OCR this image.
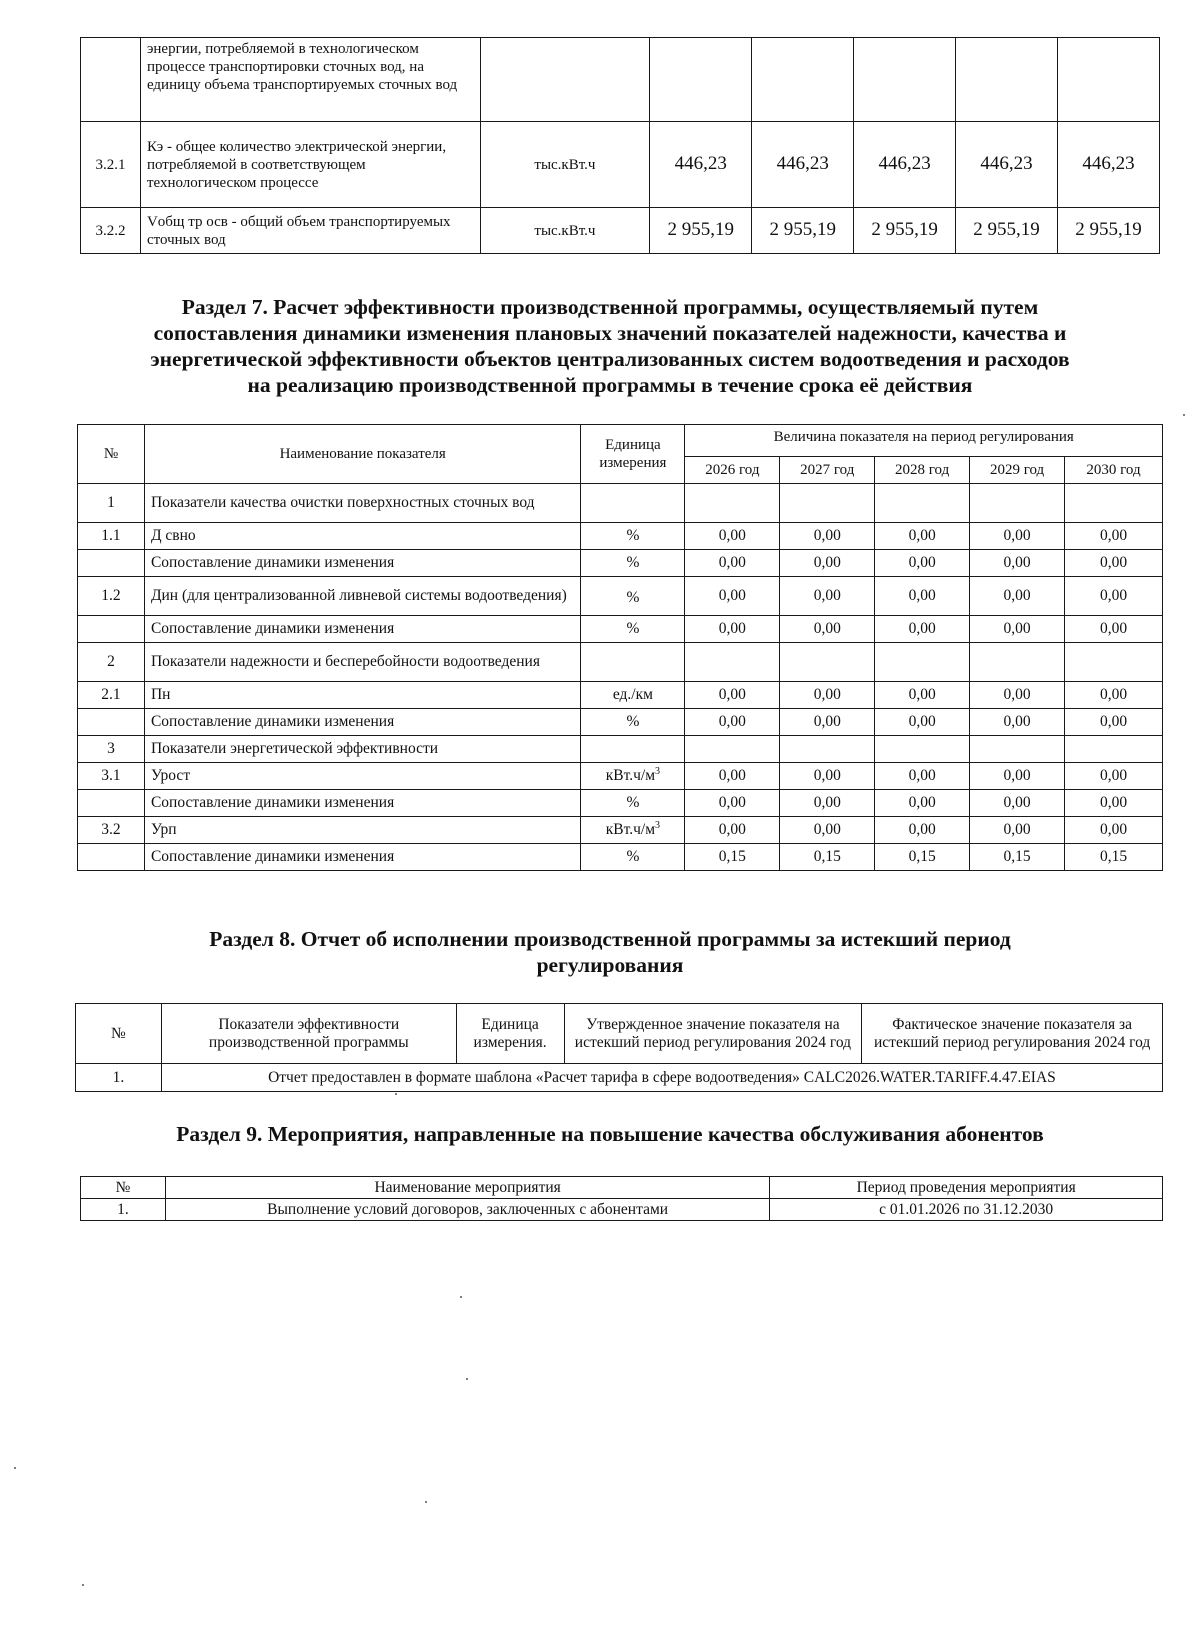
	энергии, потребляемой в технологическом процессе транспортировки сточных вод, на единицу объема транспортируемых сточных вод						
3.2.1	Кэ - общее количество электрической энергии, потребляемой в соответствующем технологическом процессе	тыс.кВт.ч	446,23	446,23	446,23	446,23	446,23
3.2.2	Vобщ тр осв - общий объем транспортируемых сточных вод	тыс.кВт.ч	2 955,19	2 955,19	2 955,19	2 955,19	2 955,19
Раздел 7. Расчет эффективности производственной программы, осуществляемый путем
сопоставления динамики изменения плановых значений показателей надежности, качества и
энергетической эффективности объектов централизованных систем водоотведения и расходов
на реализацию производственной программы в течение срока её действия
№	Наименование показателя	Единица измерения	Величина показателя на период регулирования				
			2026 год	2027 год	2028 год	2029 год	2030 год
1	Показатели качества очистки поверхностных сточных вод						
1.1	Д свно	%	0,00	0,00	0,00	0,00	0,00
	Сопоставление динамики изменения	%	0,00	0,00	0,00	0,00	0,00
1.2	Дин (для централизованной ливневой системы водоотведения)	%	0,00	0,00	0,00	0,00	0,00
	Сопоставление динамики изменения	%	0,00	0,00	0,00	0,00	0,00
2	Показатели надежности и бесперебойности водоотведения						
2.1	Пн	ед./км	0,00	0,00	0,00	0,00	0,00
	Сопоставление динамики изменения	%	0,00	0,00	0,00	0,00	0,00
3	Показатели энергетической эффективности						
3.1	Урост	$кВт.ч/м^3$	0,00	0,00	0,00	0,00	0,00
	Сопоставление динамики изменения	%	0,00	0,00	0,00	0,00	0,00
3.2	Урп	$кВт.ч/м^3$	0,00	0,00	0,00	0,00	0,00
	Сопоставление динамики изменения	%	0,15	0,15	0,15	0,15	0,15
Раздел 8. Отчет об исполнении производственной программы за истекший период
регулирования
№	Показатели эффективности производственной программы	Единица измерения.	Утвержденное значение показателя на истекший период регулирования 2024 год	Фактическое значение показателя за истекший период регулирования 2024 год
1.	Отчет предоставлен в формате шаблона «Расчет тарифа в сфере водоотведения» CALC2026.WATER.TARIFF.4.47.EIAS			
Раздел 9. Мероприятия, направленные на повышение качества обслуживания абонентов
№	Наименование мероприятия	Период проведения мероприятия
1.	Выполнение условий договоров, заключенных с абонентами	с 01.01.2026 по 31.12.2030
